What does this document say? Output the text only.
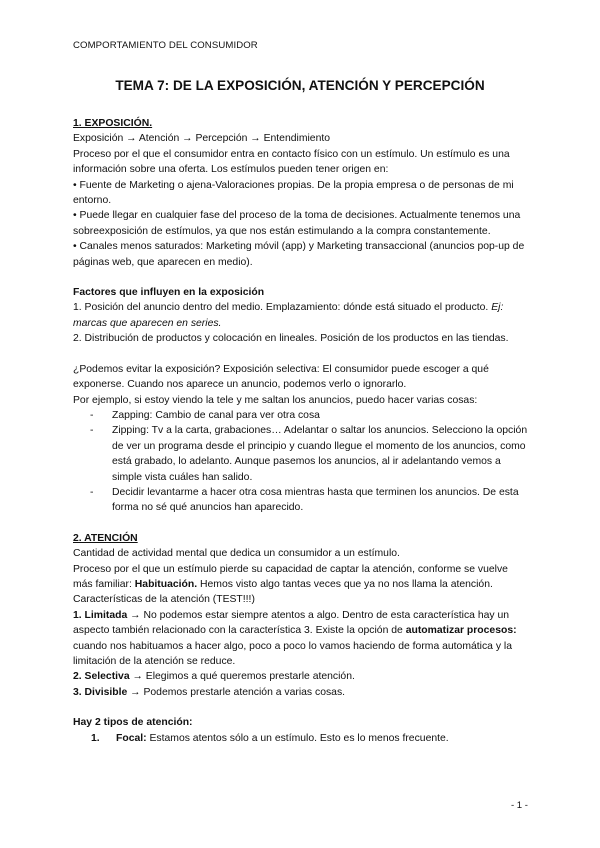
COMPORTAMIENTO DEL CONSUMIDOR
TEMA 7: DE LA EXPOSICIÓN, ATENCIÓN Y PERCEPCIÓN
1. EXPOSICIÓN.
Exposición → Atención → Percepción → Entendimiento
Proceso por el que el consumidor entra en contacto físico con un estímulo. Un estímulo es una información sobre una oferta. Los estímulos pueden tener origen en:
• Fuente de Marketing o ajena-Valoraciones propias. De la propia empresa o de personas de mi entorno.
• Puede llegar en cualquier fase del proceso de la toma de decisiones. Actualmente tenemos una sobreexposición de estímulos, ya que nos están estimulando a la compra constantemente.
• Canales menos saturados: Marketing móvil (app) y Marketing transaccional (anuncios pop-up de páginas web, que aparecen en medio).
Factores que influyen en la exposición
1. Posición del anuncio dentro del medio. Emplazamiento: dónde está situado el producto. Ej: marcas que aparecen en series.
2. Distribución de productos y colocación en lineales. Posición de los productos en las tiendas.
¿Podemos evitar la exposición? Exposición selectiva: El consumidor puede escoger a qué exponerse. Cuando nos aparece un anuncio, podemos verlo o ignorarlo.
Por ejemplo, si estoy viendo la tele y me saltan los anuncios, puedo hacer varias cosas:
-	Zapping: Cambio de canal para ver otra cosa
-	Zipping: Tv a la carta, grabaciones… Adelantar o saltar los anuncios. Selecciono la opción de ver un programa desde el principio y cuando llegue el momento de los anuncios, como está grabado, lo adelanto. Aunque pasemos los anuncios, al ir adelantando vemos a simple vista cuáles han salido.
-	Decidir levantarme a hacer otra cosa mientras hasta que terminen los anuncios. De esta forma no sé qué anuncios han aparecido.
2. ATENCIÓN
Cantidad de actividad mental que dedica un consumidor a un estímulo.
Proceso por el que un estímulo pierde su capacidad de captar la atención, conforme se vuelve más familiar: Habituación. Hemos visto algo tantas veces que ya no nos llama la atención.
Características de la atención (TEST!!!)
1. Limitada → No podemos estar siempre atentos a algo. Dentro de esta característica hay un aspecto también relacionado con la característica 3. Existe la opción de automatizar procesos: cuando nos habituamos a hacer algo, poco a poco lo vamos haciendo de forma automática y la limitación de la atención se reduce.
2. Selectiva → Elegimos a qué queremos prestarle atención.
3. Divisible → Podemos prestarle atención a varias cosas.
Hay 2 tipos de atención:
1.	Focal: Estamos atentos sólo a un estímulo. Esto es lo menos frecuente.
- 1 -
